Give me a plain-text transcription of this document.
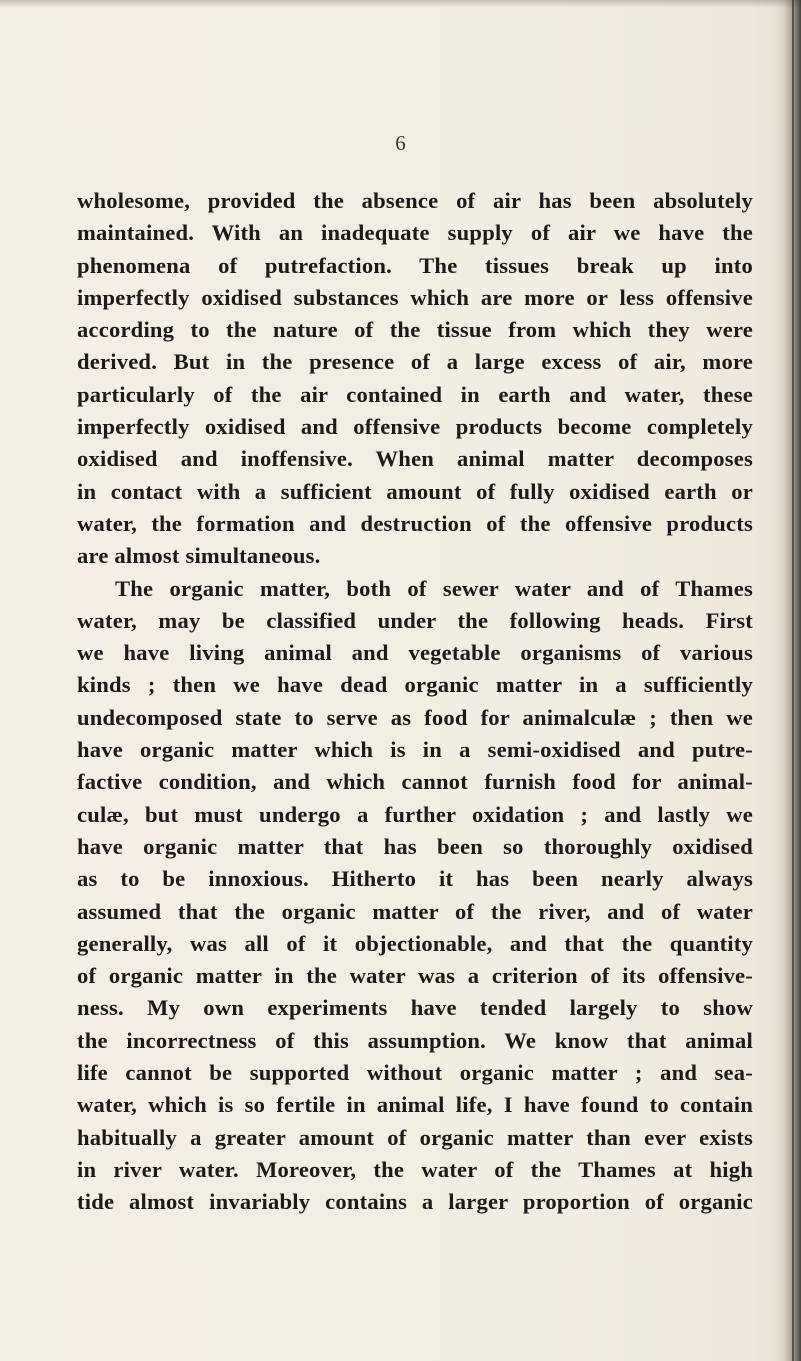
6
wholesome, provided the absence of air has been absolutely
maintained. With an inadequate supply of air we have the
phenomena of putrefaction. The tissues break up into
imperfectly oxidised substances which are more or less offensive
according to the nature of the tissue from which they were
derived. But in the presence of a large excess of air, more
particularly of the air contained in earth and water, these
imperfectly oxidised and offensive products become completely
oxidised and inoffensive. When animal matter decomposes
in contact with a sufficient amount of fully oxidised earth or
water, the formation and destruction of the offensive products
are almost simultaneous.
The organic matter, both of sewer water and of Thames
water, may be classified under the following heads. First
we have living animal and vegetable organisms of various
kinds ; then we have dead organic matter in a sufficiently
undecomposed state to serve as food for animalculæ ; then we
have organic matter which is in a semi-oxidised and putre-
factive condition, and which cannot furnish food for animal-
culæ, but must undergo a further oxidation ; and lastly we
have organic matter that has been so thoroughly oxidised
as to be innoxious. Hitherto it has been nearly always
assumed that the organic matter of the river, and of water
generally, was all of it objectionable, and that the quantity
of organic matter in the water was a criterion of its offensive-
ness. My own experiments have tended largely to show
the incorrectness of this assumption. We know that animal
life cannot be supported without organic matter ; and sea-
water, which is so fertile in animal life, I have found to contain
habitually a greater amount of organic matter than ever exists
in river water. Moreover, the water of the Thames at high
tide almost invariably contains a larger proportion of organic
